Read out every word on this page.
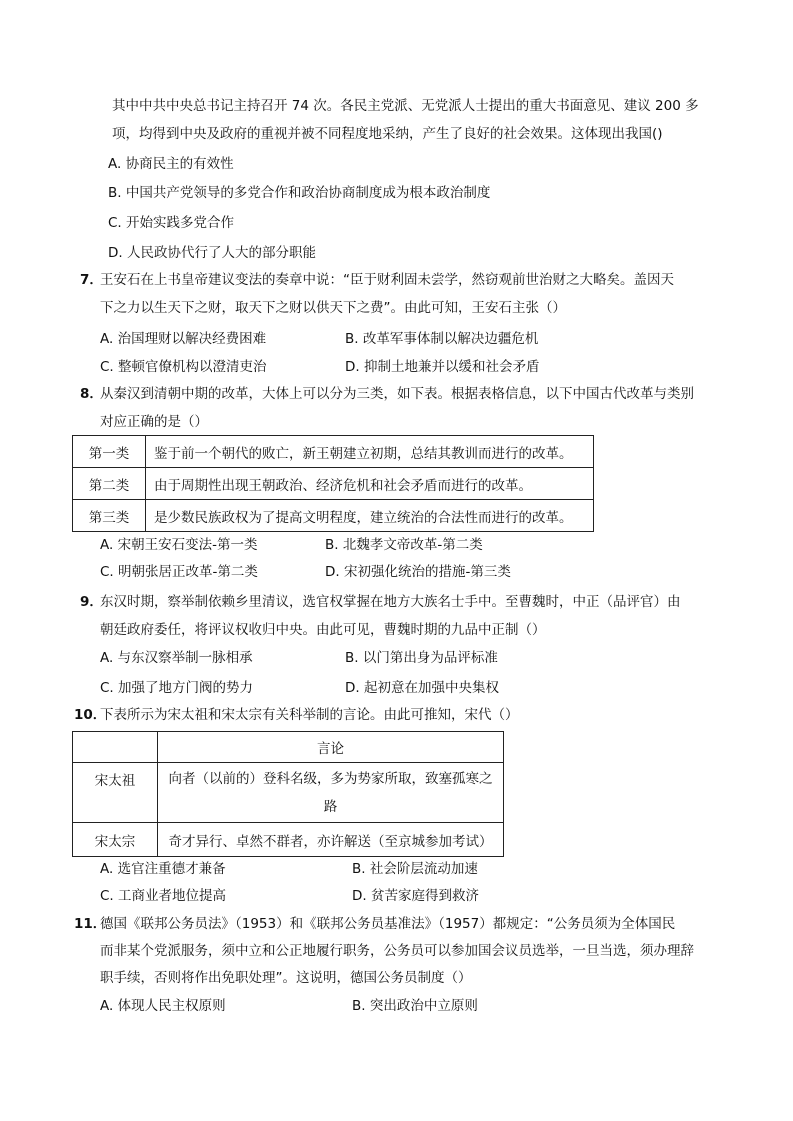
其中中共中央总书记主持召开 74 次。各民主党派、无党派人士提出的重大书面意见、建议 200 多
项，均得到中央及政府的重视并被不同程度地采纳，产生了良好的社会效果。这体现出我国()
A. 协商民主的有效性
B. 中国共产党领导的多党合作和政治协商制度成为根本政治制度
C. 开始实践多党合作
D. 人民政协代行了人大的部分职能
7．
王安石在上书皇帝建议变法的奏章中说：“臣于财利固未尝学，然窃观前世治财之大略矣。盖因天
下之力以生天下之财，取天下之财以供天下之费”。由此可知，王安石主张（）
A. 治国理财以解决经费困难	B. 改革军事体制以解决边疆危机
C. 整顿官僚机构以澄清吏治	D. 抑制土地兼并以缓和社会矛盾
8．
从秦汉到清朝中期的改革，大体上可以分为三类，如下表。根据表格信息，以下中国古代改革与类别
对应正确的是（）
第一类	鉴于前一个朝代的败亡，新王朝建立初期，总结其教训而进行的改革。
第二类	由于周期性出现王朝政治、经济危机和社会矛盾而进行的改革。
第三类	是少数民族政权为了提高文明程度，建立统治的合法性而进行的改革。
A. 宋朝王安石变法-第一类	B. 北魏孝文帝改革-第二类
C. 明朝张居正改革-第二类	D. 宋初强化统治的措施-第三类
9．
东汉时期，察举制依赖乡里清议，选官权掌握在地方大族名士手中。至曹魏时，中正（品评官）由
朝廷政府委任，将评议权收归中央。由此可见，曹魏时期的九品中正制（）
A. 与东汉察举制一脉相承	B. 以门第出身为品评标准
C. 加强了地方门阀的势力	D. 起初意在加强中央集权
10．
下表所示为宋太祖和宋太宗有关科举制的言论。由此可推知，宋代（）
	言论
宋太祖	向者（以前的）登科名级，多为势家所取，致塞孤寒之
路
宋太宗	奇才异行、卓然不群者，亦许解送（至京城参加考试）
A. 选官注重德才兼备	B. 社会阶层流动加速
C. 工商业者地位提高	D. 贫苦家庭得到救济
11．
德国《联邦公务员法》（1953）和《联邦公务员基准法》（1957）都规定：“公务员须为全体国民
而非某个党派服务，须中立和公正地履行职务，公务员可以参加国会议员选举，一旦当选，须办理辞
职手续，否则将作出免职处理”。这说明，德国公务员制度（）
A. 体现人民主权原则	B. 突出政治中立原则
